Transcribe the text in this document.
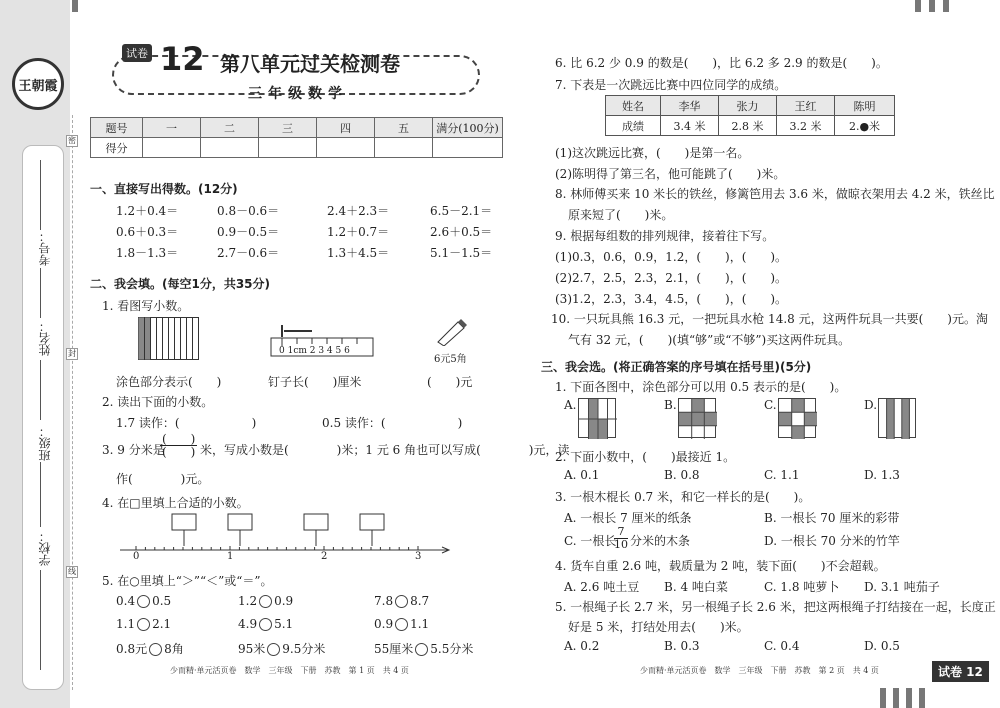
王朝霞
考号：
姓名：
班级：
学校：
密
封
线
试卷 12 第八单元过关检测卷
三年级数学
题号	一	二	三	四	五	满分(100分)
得分						
一、直接写出得数。(12分)
1.2＋0.4＝	0.8－0.6＝	2.4＋2.3＝	6.5－2.1＝
0.6＋0.3＝	0.9－0.5＝	1.2＋0.7＝	2.6＋0.5＝
1.8－1.3＝	2.7－0.6＝	1.3＋4.5＝	5.1－1.5＝
二、我会填。(每空1分，共35分)
1. 看图写小数。
0 1cm 2 3 4 5 6
6元5角
涂色部分表示(　　)	钉子长(　　)厘米	(　　)元
2. 读出下面的小数。
1.7 读作：(　　　　　　)	0.5 读作：(　　　　　　)
3. 9 分米是
(　　)
(　　) 米，写成小数是(　　　　)米；1 元 6 角也可以写成(　　　　)元，读
作(　　　　)元。
4. 在□里填上合适的小数。
0	1	2	3
5. 在○里填上“＞”“＜”或“＝”。
0.4 0.5	1.2 0.9	7.8 8.7
1.1 2.1	4.9 5.1	0.9 1.1
0.8元 8角	95米 9.5分米	55厘米 5.5分米
少而精·单元活页卷　数学　三年级　下册　苏教　第 1 页　共 4 页
6. 比 6.2 少 0.9 的数是(　　)，比 6.2 多 2.9 的数是(　　)。
7. 下表是一次跳远比赛中四位同学的成绩。
姓名	李华	张力	王红	陈明
成绩	3.4 米	2.8 米	3.2 米	2.●米
(1)这次跳远比赛，(　　)是第一名。
(2)陈明得了第三名，他可能跳了(　　)米。
8. 林师傅买来 10 米长的铁丝，修篱笆用去 3.6 米，做晾衣架用去 4.2 米，铁丝比
原来短了(　　)米。
9. 根据每组数的排列规律，接着往下写。
(1)0.3，0.6，0.9，1.2，(　　)，(　　)。
(2)2.7，2.5，2.3，2.1，(　　)，(　　)。
(3)1.2，2.3，3.4，4.5，(　　)，(　　)。
10. 一只玩具熊 16.3 元，一把玩具水枪 14.8 元，这两件玩具一共要(　　)元。淘
气有 32 元，(　　)(填“够”或“不够”)买这两件玩具。
三、我会选。(将正确答案的序号填在括号里)(5分)
1. 下面各图中，涂色部分可以用 0.5 表示的是(　　)。
A.	B.	C.	D.
2. 下面小数中，(　　)最接近 1。
A. 0.1	B. 0.8	C. 1.1	D. 1.3
3. 一根木棍长 0.7 米，和它一样长的是(　　)。
A. 一根长 7 厘米的纸条	B. 一根长 70 厘米的彩带
C. 一根长
$\frac{7}{10}$ 分米的木条	D. 一根长 70 分米的竹竿
4. 货车自重 2.6 吨，载质量为 2 吨，装下面(　　)不会超载。
A. 2.6 吨土豆 B. 4 吨白菜	C. 1.8 吨萝卜 D. 3.1 吨茄子
5. 一根绳子长 2.7 米，另一根绳子长 2.6 米，把这两根绳子打结接在一起，长度正
好是 5 米，打结处用去(　　)米。
A. 0.2	B. 0.3	C. 0.4	D. 0.5
少而精·单元活页卷　数学　三年级　下册　苏教　第 2 页　共 4 页	试卷 12
